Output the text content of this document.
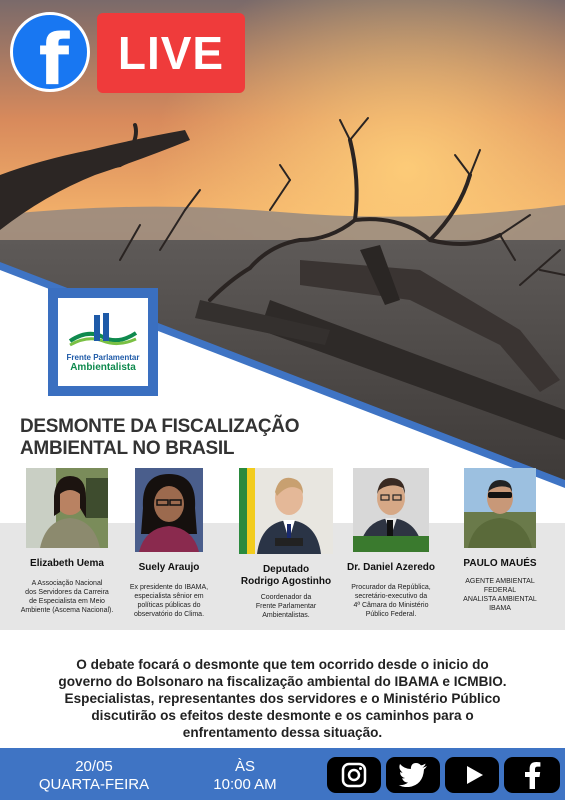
f	LIVE
Frente Parlamentar
Ambientalista
DESMONTE DA FISCALIZAÇÃO
AMBIENTAL NO BRASIL
Elizabeth Uema
A Associação Nacional
dos Servidores da Carreira
de Especialista em Meio
Ambiente (Ascema Nacional).
Suely Araujo
Ex presidente do IBAMA,
especialista sênior em
políticas públicas do
observatório do Clima.
Deputado
Rodrigo Agostinho
Coordenador da
Frente Parlamentar
Ambientalistas.
Dr. Daniel Azeredo
Procurador da República,
secretário-executivo da
4ª Câmara do Ministério
Público Federal.
PAULO MAUÉS
AGENTE AMBIENTAL
FEDERAL
ANALISTA AMBIENTAL
IBAMA
O debate focará o desmonte que tem ocorrido desde o inicio do
governo do Bolsonaro na fiscalização ambiental do IBAMA e ICMBIO.
Especialistas, representantes dos servidores e o Ministério Público
discutirão os efeitos deste desmonte e os caminhos para o
enfrentamento dessa situação.
20/05
QUARTA-FEIRA
ÀS
10:00 AM
